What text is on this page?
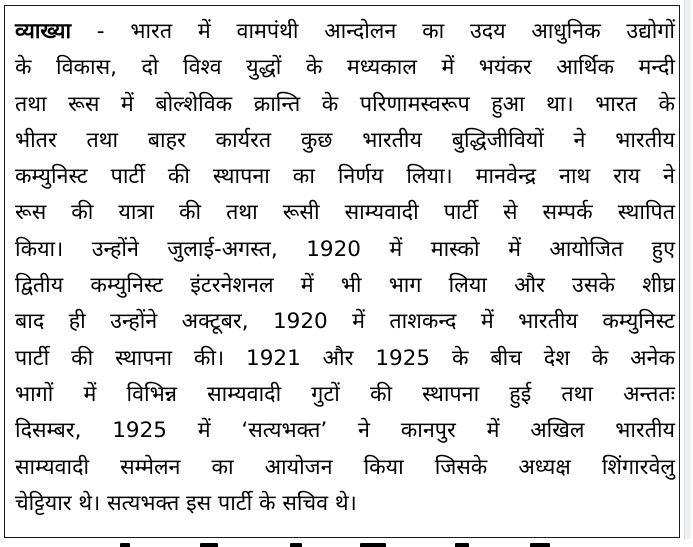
व्याख्या - भारत में वामपंथी आन्दोलन का उदय आधुनिक उद्योगों
के विकास, दो विश्व युद्धों के मध्यकाल में भयंकर आर्थिक मन्दी
तथा रूस में बोल्शेविक क्रान्ति के परिणामस्वरूप हुआ था। भारत के
भीतर तथा बाहर कार्यरत कुछ भारतीय बुद्धिजीवियों ने भारतीय
कम्युनिस्ट पार्टी की स्थापना का निर्णय लिया। मानवेन्द्र नाथ राय ने
रूस की यात्रा की तथा रूसी साम्यवादी पार्टी से सम्पर्क स्थापित
किया। उन्होंने जुलाई-अगस्त, 1920 में मास्को में आयोजित हुए
द्वितीय कम्युनिस्ट इंटरनेशनल में भी भाग लिया और उसके शीघ्र
बाद ही उन्होंने अक्टूबर, 1920 में ताशकन्द में भारतीय कम्युनिस्ट
पार्टी की स्थापना की। 1921 और 1925 के बीच देश के अनेक
भागों में विभिन्न साम्यवादी गुटों की स्थापना हुई तथा अन्ततः
दिसम्बर, 1925 में ‘सत्यभक्त’ ने कानपुर में अखिल भारतीय
साम्यवादी सम्मेलन का आयोजन किया जिसके अध्यक्ष शिंगारवेलु
चेट्टियार थे। सत्यभक्त इस पार्टी के सचिव थे।
